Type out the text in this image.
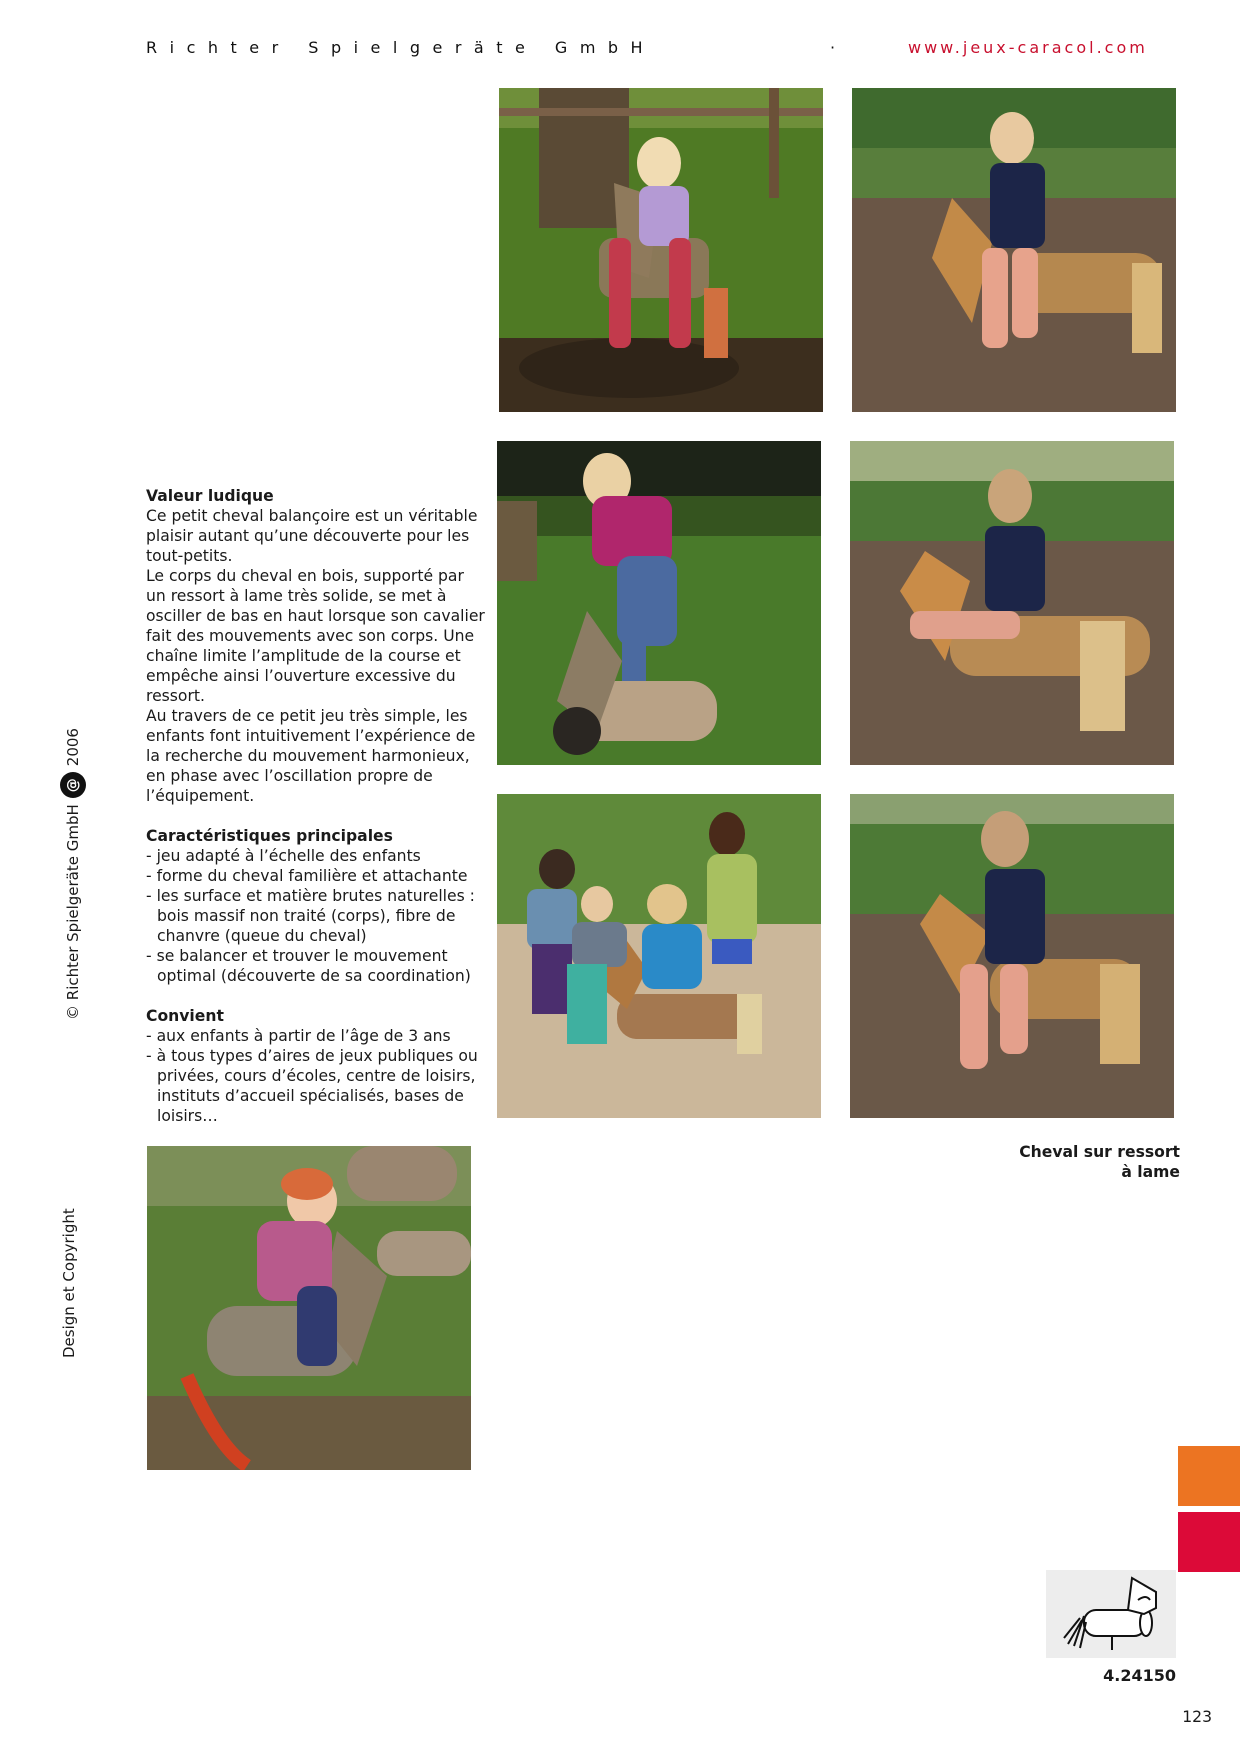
Richter Spielgeräte GmbH	·	www.jeux-caracol.com
Valeur ludique

Ce petit cheval balançoire est un véritable plaisir autant qu’une découverte pour les tout-petits.

Le corps du cheval en bois, supporté par un ressort à lame très solide, se met à osciller de bas en haut lorsque son cavalier fait des mouvements avec son corps. Une chaîne limite l’amplitude de la course et empêche ainsi l’ouverture excessive du ressort.

Au travers de ce petit jeu très simple, les enfants font intuitivement l’expérience de la recherche du mouvement harmonieux, en phase avec l’oscillation propre de l’équipement.

Caractéristiques principales
- jeu adapté à l’échelle des enfants
- forme du cheval familière et attachante
- les surface et matière brutes naturelles : bois massif non traité (corps), fibre de chanvre (queue du cheval)
- se balancer et trouver le mouvement optimal (découverte de sa coordination)
Convient
- aux enfants à partir de l’âge de 3 ans
- à tous types d’aires de jeux publiques ou privées, cours d’écoles, centre de loisirs, instituts d’accueil spécialisés, bases de loisirs…
© Richter Spielgeräte GmbH
@
2006
Design et Copyright
Cheval sur ressort
à lame
4.24150
123
